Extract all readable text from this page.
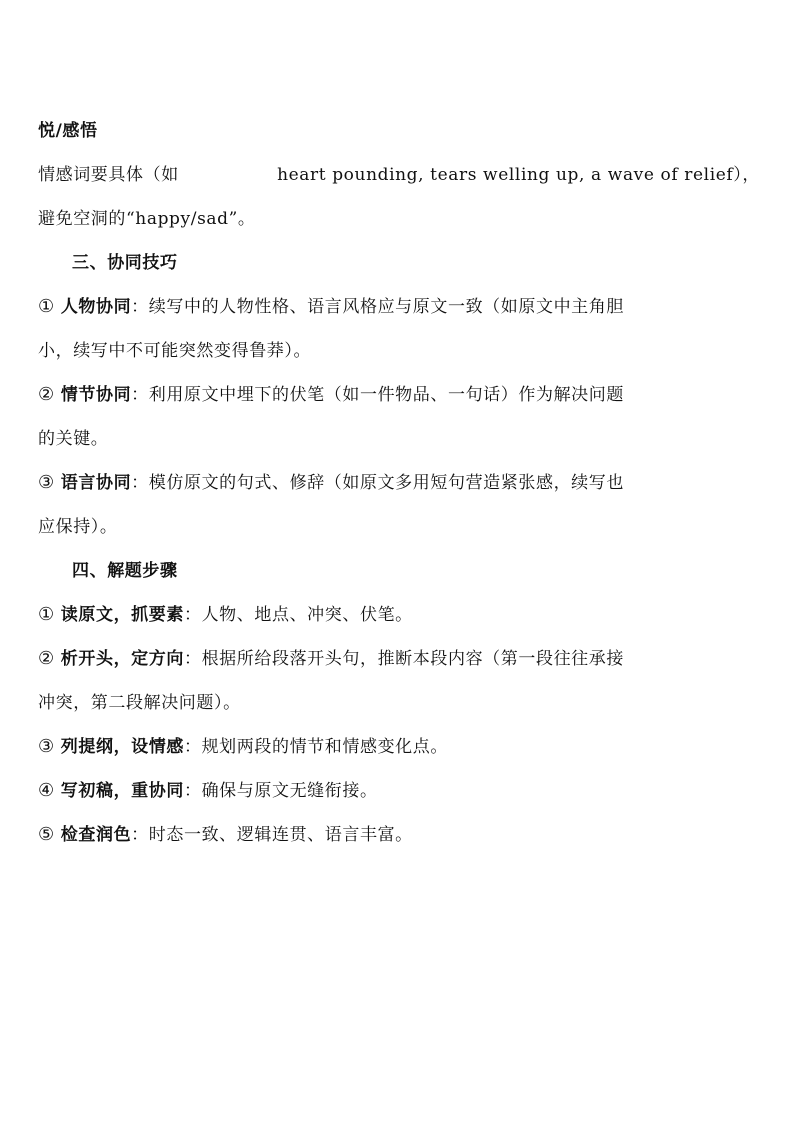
悦/感悟
情感词要具体（如	heart pounding, tears welling up, a wave of relief），
避免空洞的“happy/sad”。
三、协同技巧
① 人物协同：续写中的人物性格、语言风格应与原文一致（如原文中主角胆
小，续写中不可能突然变得鲁莽）。
② 情节协同：利用原文中埋下的伏笔（如一件物品、一句话）作为解决问题
的关键。
③ 语言协同：模仿原文的句式、修辞（如原文多用短句营造紧张感，续写也
应保持）。
四、解题步骤
① 读原文，抓要素：人物、地点、冲突、伏笔。
② 析开头，定方向：根据所给段落开头句，推断本段内容（第一段往往承接
冲突，第二段解决问题）。
③ 列提纲，设情感：规划两段的情节和情感变化点。
④ 写初稿，重协同：确保与原文无缝衔接。
⑤ 检查润色：时态一致、逻辑连贯、语言丰富。
